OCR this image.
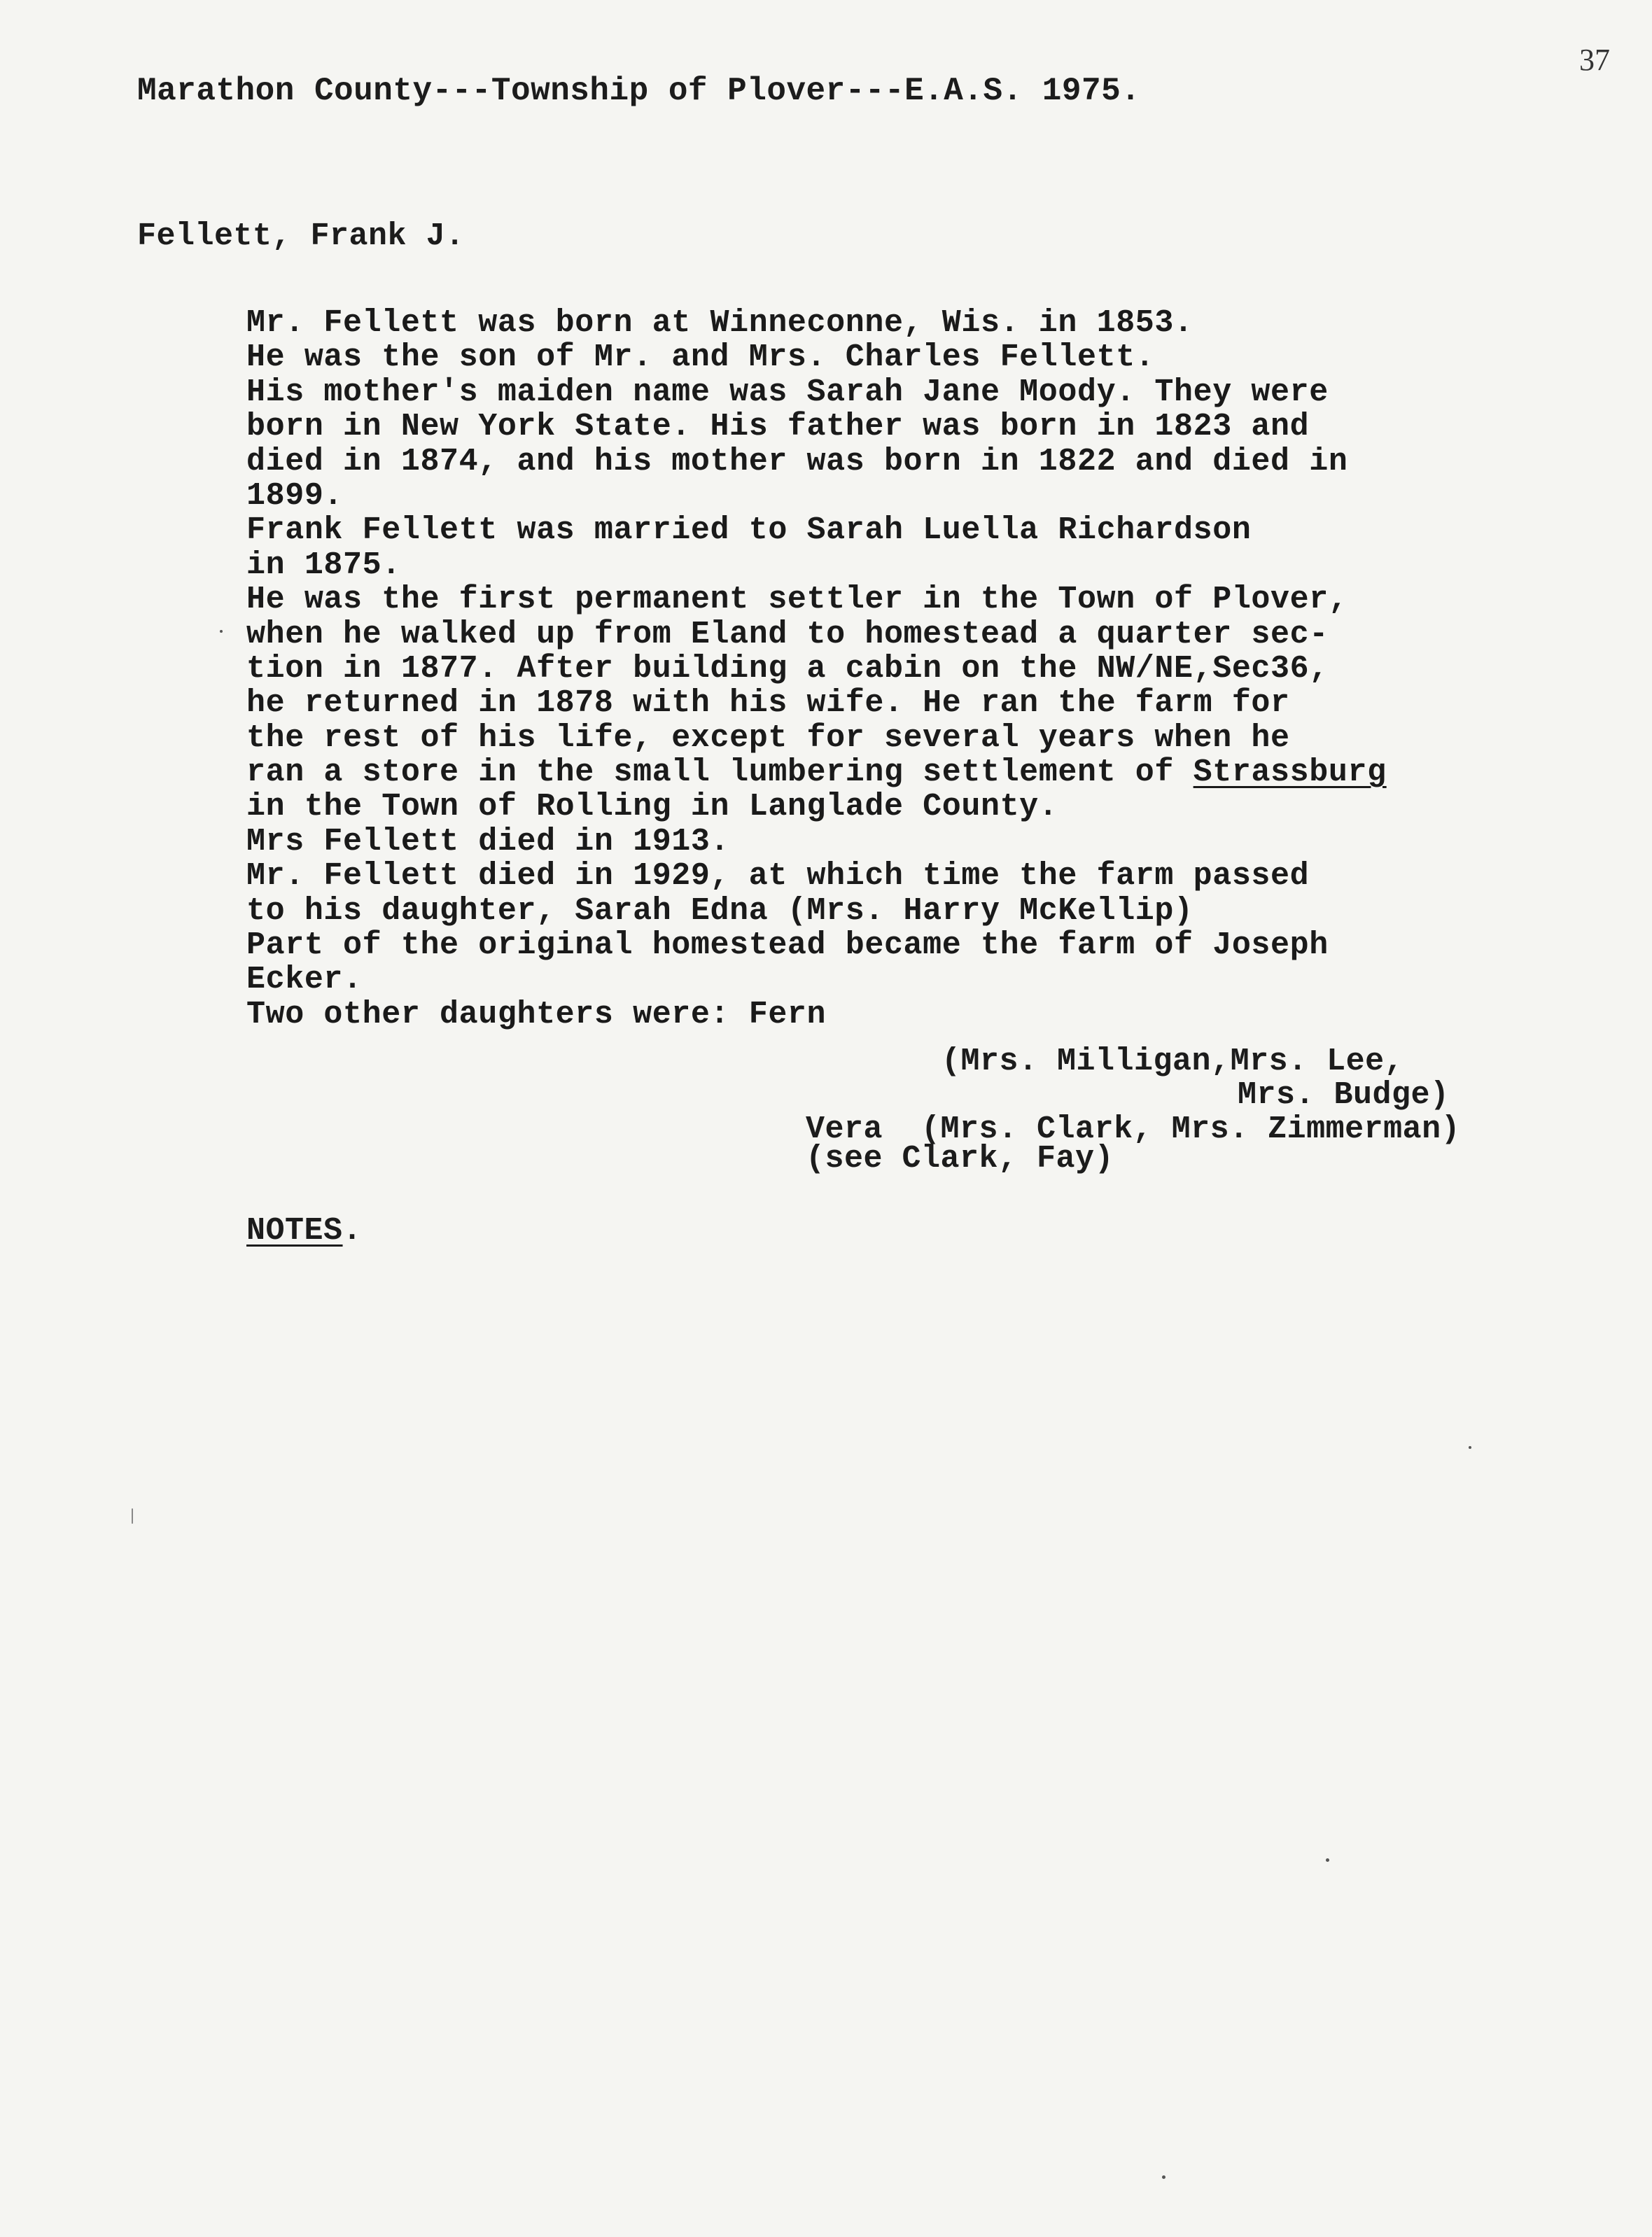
37
Marathon County---Township of Plover---E.A.S. 1975.
Fellett, Frank J.
Mr. Fellett was born at Winneconne, Wis. in 1853.
He was the son of Mr. and Mrs. Charles Fellett.
His mother's maiden name was Sarah Jane Moody. They were
born in New York State. His father was born in 1823 and
died in 1874, and his mother was born in 1822 and died in
1899.
Frank Fellett was married to Sarah Luella Richardson
in 1875.
He was the first permanent settler in the Town of Plover,
when he walked up from Eland to homestead a quarter sec-
tion in 1877. After building a cabin on the NW/NE,Sec36,
he returned in 1878 with his wife. He ran the farm for
the rest of his life, except for several years when he
ran a store in the small lumbering settlement of Strassburg
in the Town of Rolling in Langlade County.
Mrs Fellett died in 1913.
Mr. Fellett died in 1929, at which time the farm passed
to his daughter, Sarah Edna (Mrs. Harry McKellip)
Part of the original homestead became the farm of Joseph
Ecker.
Two other daughters were: Fern
(Mrs. Milligan,Mrs. Lee,
Mrs. Budge)
Vera  (Mrs. Clark, Mrs. Zimmerman)
(see Clark, Fay)
NOTES.
